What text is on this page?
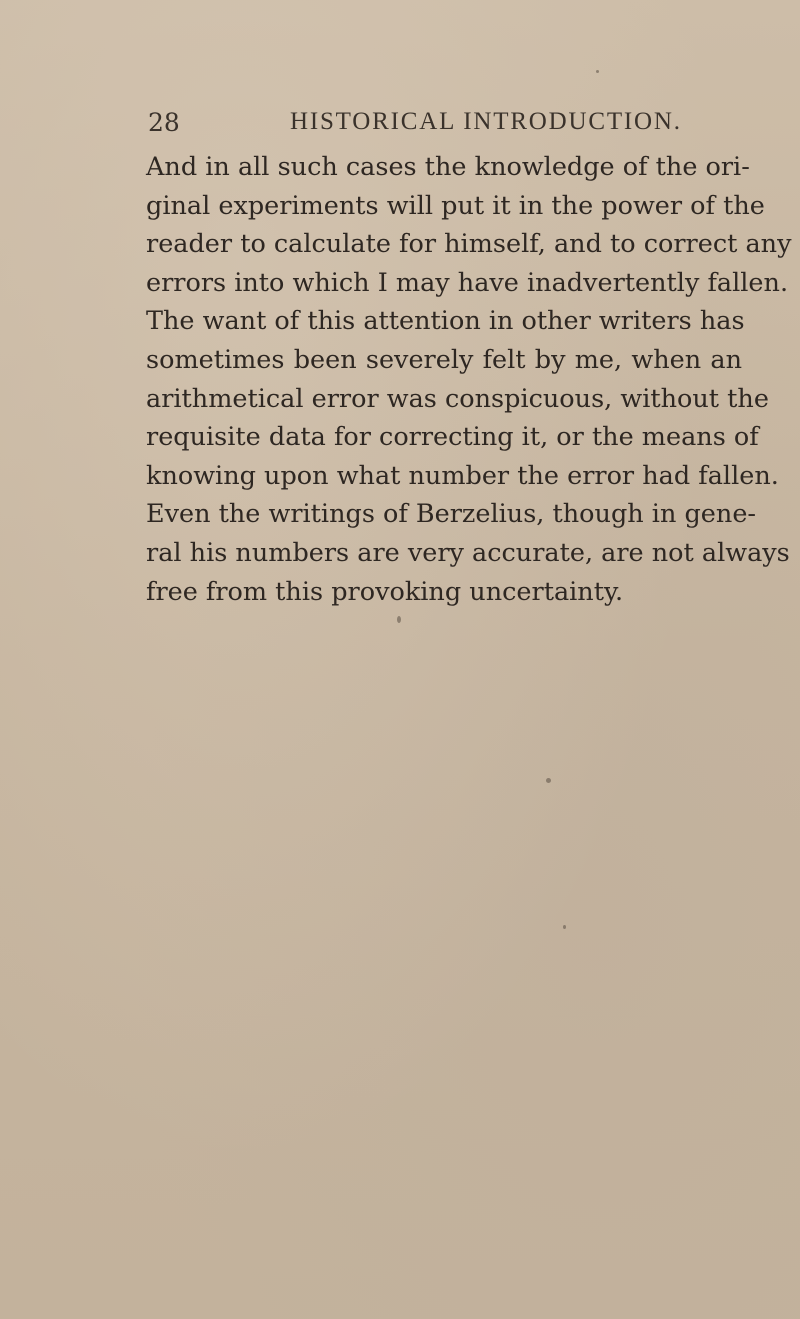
28	HISTORICAL INTRODUCTION.
And in all such cases the knowledge of the ori-
ginal experiments will put it in the power of the
reader to calculate for himself, and to correct any
errors into which I may have inadvertently fallen.
The want of this attention in other writers has
sometimes been severely felt by me, when an
arithmetical error was conspicuous, without the
requisite data for correcting it, or the means of
knowing upon what number the error had fallen.
Even the writings of Berzelius, though in gene-
ral his numbers are very accurate, are not always
free from this provoking uncertainty.
